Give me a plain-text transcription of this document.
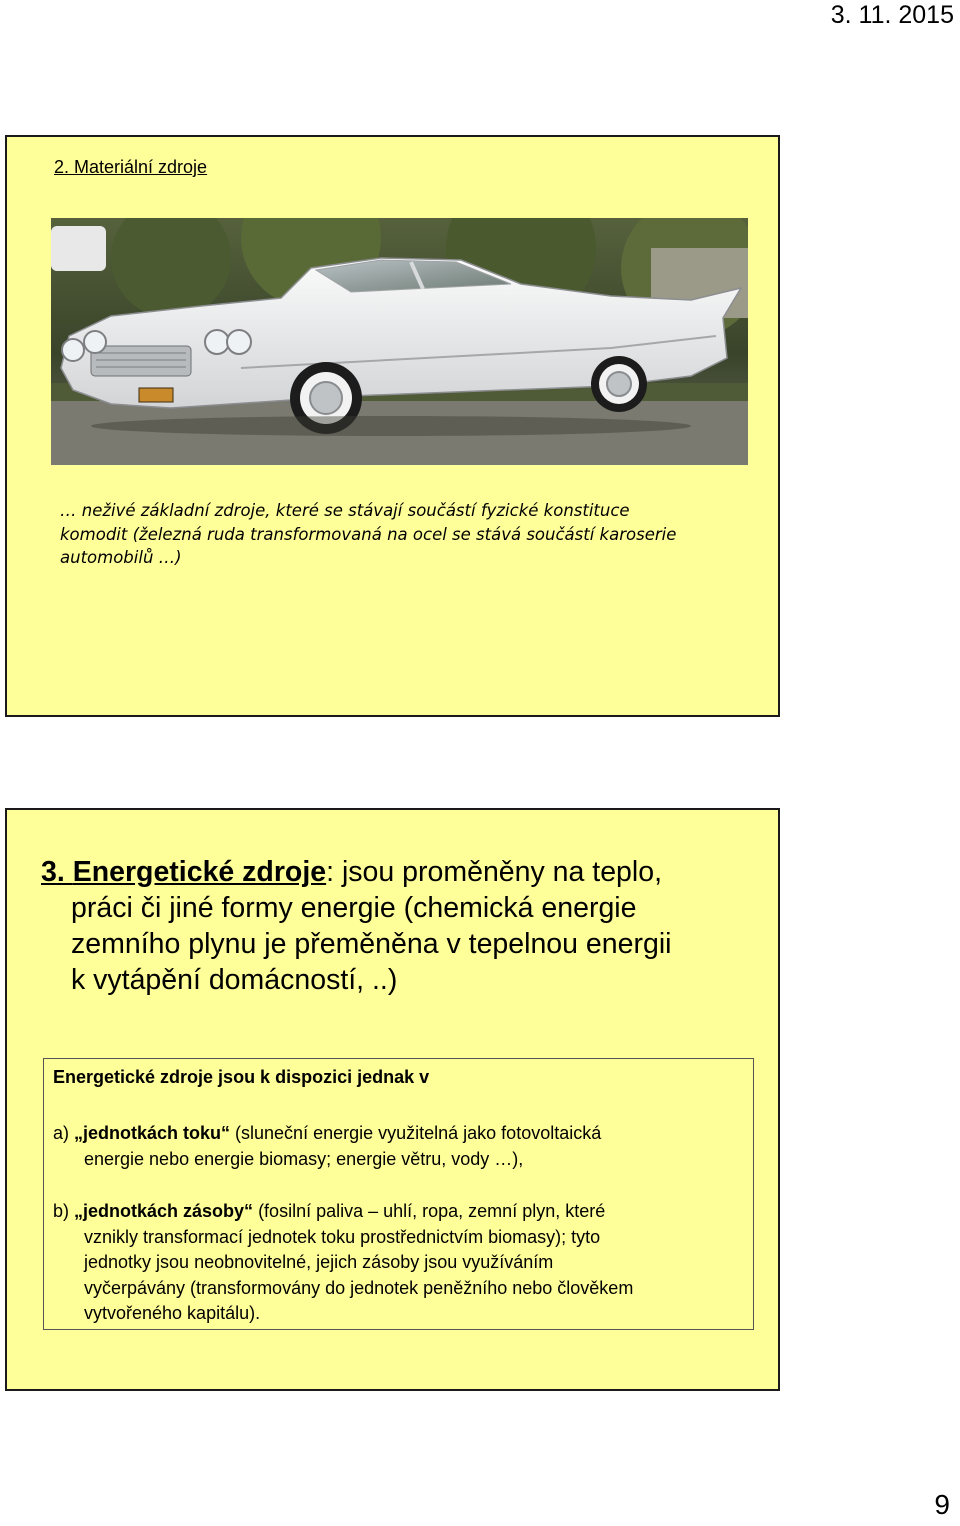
3. 11. 2015
2. Materiální zdroje
… neživé základní zdroje, které se stávají součástí fyzické konstituce
komodit (železná ruda transformovaná na ocel se stává součástí karoserie
automobilů …)
3. Energetické zdroje: jsou proměněny na teplo,
práci či jiné formy energie (chemická energie
zemního plynu je přeměněna v tepelnou energii
k vytápění domácností, ..)
Energetické zdroje jsou k dispozici jednak v
a) „jednotkách toku“ (sluneční energie využitelná jako fotovoltaická
energie nebo energie biomasy; energie větru, vody …),
b) „jednotkách zásoby“ (fosilní paliva – uhlí, ropa, zemní plyn, které
vznikly transformací jednotek toku prostřednictvím biomasy); tyto
jednotky jsou neobnovitelné, jejich zásoby jsou využíváním
vyčerpávány (transformovány do jednotek peněžního nebo člověkem
vytvořeného kapitálu).
9
